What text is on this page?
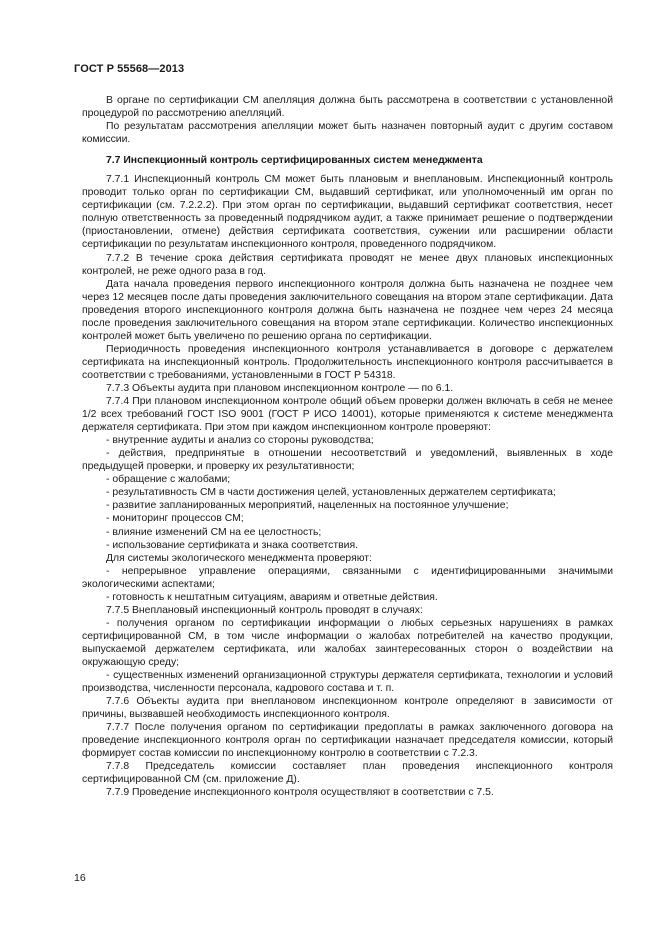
ГОСТ Р 55568—2013

В органе по сертификации СМ апелляция должна быть рассмотрена в соответствии с установленной процедурой по рассмотрению апелляций.

По результатам рассмотрения апелляции может быть назначен повторный аудит с другим составом комиссии.

7.7 Инспекционный контроль сертифицированных систем менеджмента

7.7.1 Инспекционный контроль СМ может быть плановым и внеплановым. Инспекционный контроль проводит только орган по сертификации СМ, выдавший сертификат, или уполномоченный им орган по сертификации (см. 7.2.2.2). При этом орган по сертификации, выдавший сертификат соответствия, несет полную ответственность за проведенный подрядчиком аудит, а также принимает решение о подтверждении (приостановлении, отмене) действия сертификата соответствия, сужении или расширении области сертификации по результатам инспекционного контроля, проведенного подрядчиком.

7.7.2 В течение срока действия сертификата проводят не менее двух плановых инспекционных контролей, не реже одного раза в год.

Дата начала проведения первого инспекционного контроля должна быть назначена не позднее чем через 12 месяцев после даты проведения заключительного совещания на втором этапе сертификации. Дата проведения второго инспекционного контроля должна быть назначена не позднее чем через 24 месяца после проведения заключительного совещания на втором этапе сертификации. Количество инспекционных контролей может быть увеличено по решению органа по сертификации.

Периодичность проведения инспекционного контроля устанавливается в договоре с держателем сертификата на инспекционный контроль. Продолжительность инспекционного контроля рассчитывается в соответствии с требованиями, установленными в ГОСТ Р 54318.

7.7.3 Объекты аудита при плановом инспекционном контроле — по 6.1.

7.7.4 При плановом инспекционном контроле общий объем проверки должен включать в себя не менее 1/2 всех требований ГОСТ ISO 9001 (ГОСТ Р ИСО 14001), которые применяются к системе менеджмента держателя сертификата. При этом при каждом инспекционном контроле проверяют:

- внутренние аудиты и анализ со стороны руководства;

- действия, предпринятые в отношении несоответствий и уведомлений, выявленных в ходе предыдущей проверки, и проверку их результативности;

- обращение с жалобами;

- результативность СМ в части достижения целей, установленных держателем сертификата;

- развитие запланированных мероприятий, нацеленных на постоянное улучшение;

- мониторинг процессов СМ;

- влияние изменений СМ на ее целостность;

- использование сертификата и знака соответствия.

Для системы экологического менеджмента проверяют:

- непрерывное управление операциями, связанными с идентифицированными значимыми экологическими аспектами;

- готовность к нештатным ситуациям, авариям и ответные действия.

7.7.5 Внеплановый инспекционный контроль проводят в случаях:

- получения органом по сертификации информации о любых серьезных нарушениях в рамках сертифицированной СМ, в том числе информации о жалобах потребителей на качество продукции, выпускаемой держателем сертификата, или жалобах заинтересованных сторон о воздействии на окружающую среду;

- существенных изменений организационной структуры держателя сертификата, технологии и условий производства, численности персонала, кадрового состава и т. п.

7.7.6 Объекты аудита при внеплановом инспекционном контроле определяют в зависимости от причины, вызвавшей необходимость инспекционного контроля.

7.7.7 После получения органом по сертификации предоплаты в рамках заключенного договора на проведение инспекционного контроля орган по сертификации назначает председателя комиссии, который формирует состав комиссии по инспекционному контролю в соответствии с 7.2.3.

7.7.8 Председатель комиссии составляет план проведения инспекционного контроля сертифицированной СМ (см. приложение Д).

7.7.9 Проведение инспекционного контроля осуществляют в соответствии с 7.5.

16
